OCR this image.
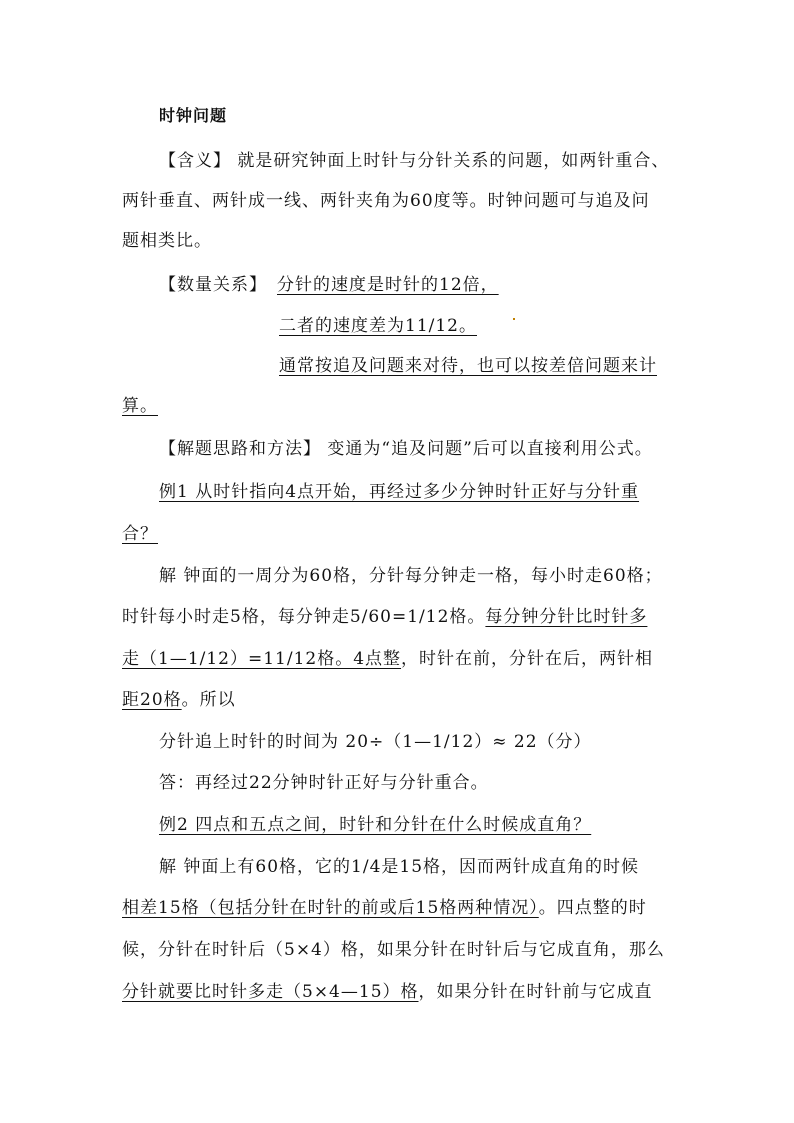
时钟问题
【含义】 就是研究钟面上时针与分针关系的问题，如两针重合、
两针垂直、两针成一线、两针夹角为60度等。时钟问题可与追及问
题相类比。
【数量关系】 分针的速度是时针的12倍，
二者的速度差为11/12。
通常按追及问题来对待，也可以按差倍问题来计
算。
【解题思路和方法】 变通为“追及问题”后可以直接利用公式。
例1 从时针指向4点开始，再经过多少分钟时针正好与分针重
合？
解 钟面的一周分为60格，分针每分钟走一格，每小时走60格；
时针每小时走5格，每分钟走5/60=1/12格。每分钟分针比时针多
走（1—1/12）=11/12格。4点整，时针在前，分针在后，两针相
距20格。所以
分针追上时针的时间为 20÷（1—1/12）≈ 22（分）
答：再经过22分钟时针正好与分针重合。
例2 四点和五点之间，时针和分针在什么时候成直角？
解 钟面上有60格，它的1/4是15格，因而两针成直角的时候
相差15格（包括分针在时针的前或后15格两种情况）。四点整的时
候，分针在时针后（5×4）格，如果分针在时针后与它成直角，那么
分针就要比时针多走（5×4—15）格，如果分针在时针前与它成直
